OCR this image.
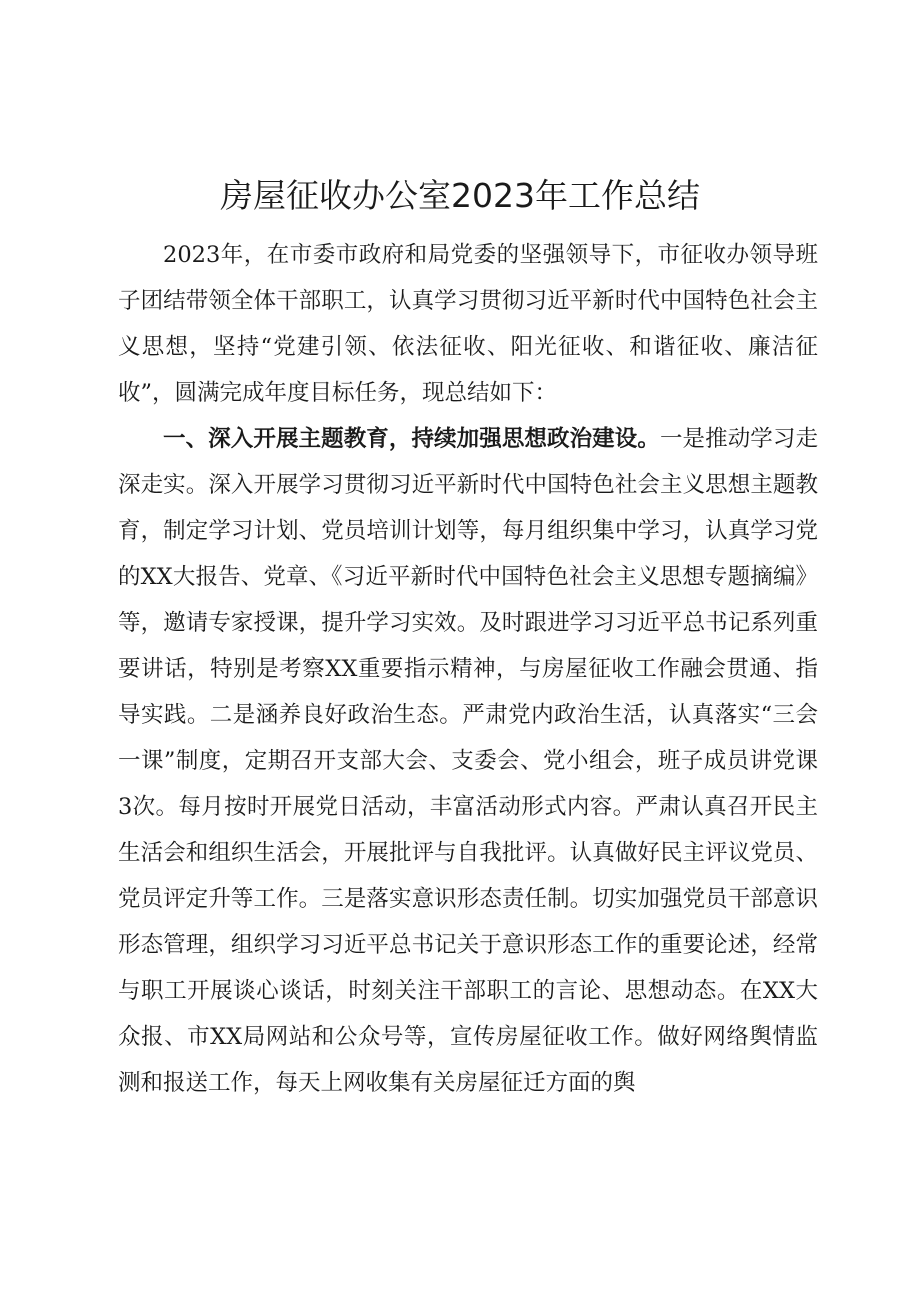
房屋征收办公室2023年工作总结

2023年，在市委市政府和局党委的坚强领导下，市征收办领导班子团结带领全体干部职工，认真学习贯彻习近平新时代中国特色社会主义思想，坚持“党建引领、依法征收、阳光征收、和谐征收、廉洁征收”，圆满完成年度目标任务，现总结如下：

一、深入开展主题教育，持续加强思想政治建设。一是推动学习走深走实。深入开展学习贯彻习近平新时代中国特色社会主义思想主题教育，制定学习计划、党员培训计划等，每月组织集中学习，认真学习党的XX大报告、党章、《习近平新时代中国特色社会主义思想专题摘编》等，邀请专家授课，提升学习实效。及时跟进学习习近平总书记系列重要讲话，特别是考察XX重要指示精神，与房屋征收工作融会贯通、指导实践。二是涵养良好政治生态。严肃党内政治生活，认真落实“三会一课”制度，定期召开支部大会、支委会、党小组会，班子成员讲党课3次。每月按时开展党日活动，丰富活动形式内容。严肃认真召开民主生活会和组织生活会，开展批评与自我批评。认真做好民主评议党员、党员评定升等工作。三是落实意识形态责任制。切实加强党员干部意识形态管理，组织学习习近平总书记关于意识形态工作的重要论述，经常与职工开展谈心谈话，时刻关注干部职工的言论、思想动态。在XX大众报、市XX局网站和公众号等，宣传房屋征收工作。做好网络舆情监测和报送工作，每天上网收集有关房屋征迁方面的舆
